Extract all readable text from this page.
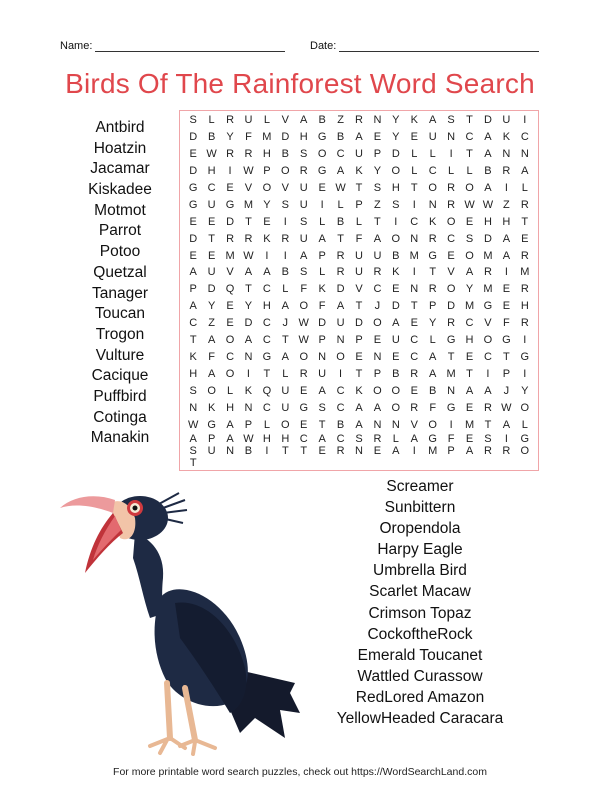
Name:	Date:
Birds Of The Rainforest Word Search
S	L	R U	L	V	A	B	Z	R N Y	K	A	S	T	D U	I
D B	Y	F M D H G B	A	E	Y	E U N C A	K C
E W R R H B	S O C U P D	L	L	I	T	A N N
D H	I	W P O R G A	K	Y O	L	C	L	L	B R A
G C E	V O V U E W T	S H	T O R O A	I	L
G U G M Y	S U	I	L	P	Z	S	I	N R W W Z	R
E	E D	T	E	I	S	L	B	L	T	I	C K O E H H	T
D	T	R R K R U A	T	F	A O N R C S D A	E
E	E M W	I	I	A	P R U U B M G E O M A R
A U V	A	A	B	S	L	R U R K	I	T	V	A R	I	M
P D Q T	C	L	F	K D V C E N R O Y M E R
A	Y	E	Y H A O F	A	T	J	D	T	P D M G E H
C	Z	E D C	J W D U D O A	E	Y R C V	F	R
T	A O A C	T W P N P	E U C	L	G H O G	I
K	F	C N G A O N O E N E C A	T	E C	T G
H A O	I	T	L	R U	I	T	P	B R A M T	I	P	I
S O	L	K Q U E	A C K O O E	B N A	A	J	Y
N K H N C U G S C A	A O R	F G E R W O
W G A	P	L	O E	T	B	A N N V O	I	M T	A	L
A	P	A W H H C A C S R	L	A G F	E	S	I	G
S U N B	I	T	T	E R N E	A	I	M P	A R R O
T
Antbird
Hoatzin
Jacamar
Kiskadee
Motmot
Parrot
Potoo
Quetzal
Tanager
Toucan
Trogon
Vulture
Cacique
Puffbird
Cotinga
Manakin
Screamer
Sunbittern
Oropendola
Harpy Eagle
Umbrella Bird
Scarlet Macaw
Crimson Topaz
CockoftheRock
Emerald Toucanet
Wattled Curassow
RedLored Amazon
YellowHeaded Caracara
For more printable word search puzzles, check out https://WordSearchLand.com
